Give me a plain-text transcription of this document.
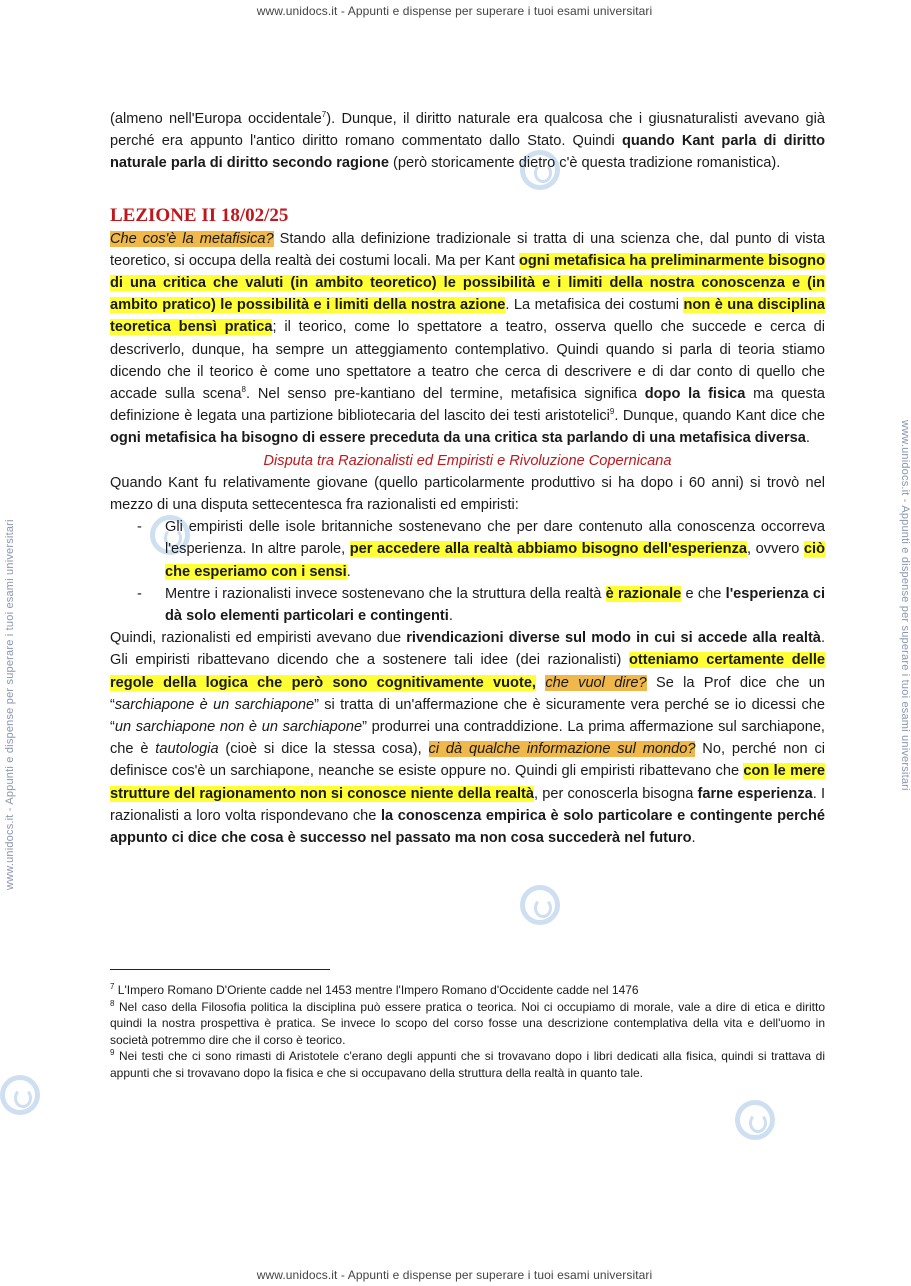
www.unidocs.it - Appunti e dispense per superare i tuoi esami universitari
www.unidocs.it - Appunti e dispense per superare i tuoi esami universitari
www.unidocs.it - Appunti e dispense per superare i tuoi esami universitari	www.unidocs.it - Appunti e dispense per superare i tuoi esami universitari

(almeno nell'Europa occidentale$^7$). Dunque, il diritto naturale era qualcosa che i giusnaturalisti avevano già perché era appunto l'antico diritto romano commentato dallo Stato. Quindi quando Kant parla di diritto naturale parla di diritto secondo ragione (però storicamente dietro c'è questa tradizione romanistica).

LEZIONE II 18/02/25

Che cos'è la metafisica? Stando alla definizione tradizionale si tratta di una scienza che, dal punto di vista teoretico, si occupa della realtà dei costumi locali. Ma per Kant ogni metafisica ha preliminarmente bisogno di una critica che valuti (in ambito teoretico) le possibilità e i limiti della nostra conoscenza e (in ambito pratico) le possibilità e i limiti della nostra azione. La metafisica dei costumi non è una disciplina teoretica bensì pratica; il teorico, come lo spettatore a teatro, osserva quello che succede e cerca di descriverlo, dunque, ha sempre un atteggiamento contemplativo. Quindi quando si parla di teoria stiamo dicendo che il teorico è come uno spettatore a teatro che cerca di descrivere e di dar conto di quello che accade sulla scena$^8$. Nel senso pre-kantiano del termine, metafisica significa dopo la fisica ma questa definizione è legata una partizione bibliotecaria del lascito dei testi aristotelici$^9$. Dunque, quando Kant dice che ogni metafisica ha bisogno di essere preceduta da una critica sta parlando di una metafisica diversa.

Disputa tra Razionalisti ed Empiristi e Rivoluzione Copernicana

Quando Kant fu relativamente giovane (quello particolarmente produttivo si ha dopo i 60 anni) si trovò nel mezzo di una disputa settecentesca fra razionalisti ed empiristi:

- Gli empiristi delle isole britanniche sostenevano che per dare contenuto alla conoscenza occorreva l'esperienza. In altre parole, per accedere alla realtà abbiamo bisogno dell'esperienza, ovvero ciò che esperiamo con i sensi.
- Mentre i razionalisti invece sostenevano che la struttura della realtà è razionale e che l'esperienza ci dà solo elementi particolari e contingenti.

Quindi, razionalisti ed empiristi avevano due rivendicazioni diverse sul modo in cui si accede alla realtà. Gli empiristi ribattevano dicendo che a sostenere tali idee (dei razionalisti) otteniamo certamente delle regole della logica che però sono cognitivamente vuote, che vuol dire? Se la Prof dice che un “sarchiapone è un sarchiapone” si tratta di un'affermazione che è sicuramente vera perché se io dicessi che “un sarchiapone non è un sarchiapone” produrrei una contraddizione. La prima affermazione sul sarchiapone, che è tautologia (cioè si dice la stessa cosa), ci dà qualche informazione sul mondo? No, perché non ci definisce cos'è un sarchiapone, neanche se esiste oppure no. Quindi gli empiristi ribattevano che con le mere strutture del ragionamento non si conosce niente della realtà, per conoscerla bisogna farne esperienza. I razionalisti a loro volta rispondevano che la conoscenza empirica è solo particolare e contingente perché appunto ci dice che cosa è successo nel passato ma non cosa succederà nel futuro.

$^7$ L'Impero Romano D'Oriente cadde nel 1453 mentre l'Impero Romano d'Occidente cadde nel 1476

$^8$ Nel caso della Filosofia politica la disciplina può essere pratica o teorica. Noi ci occupiamo di morale, vale a dire di etica e diritto quindi la nostra prospettiva è pratica. Se invece lo scopo del corso fosse una descrizione contemplativa della vita e dell'uomo in società potremmo dire che il corso è teorico.

$^9$ Nei testi che ci sono rimasti di Aristotele c'erano degli appunti che si trovavano dopo i libri dedicati alla fisica, quindi si trattava di appunti che si trovavano dopo la fisica e che si occupavano della struttura della realtà in quanto tale.
